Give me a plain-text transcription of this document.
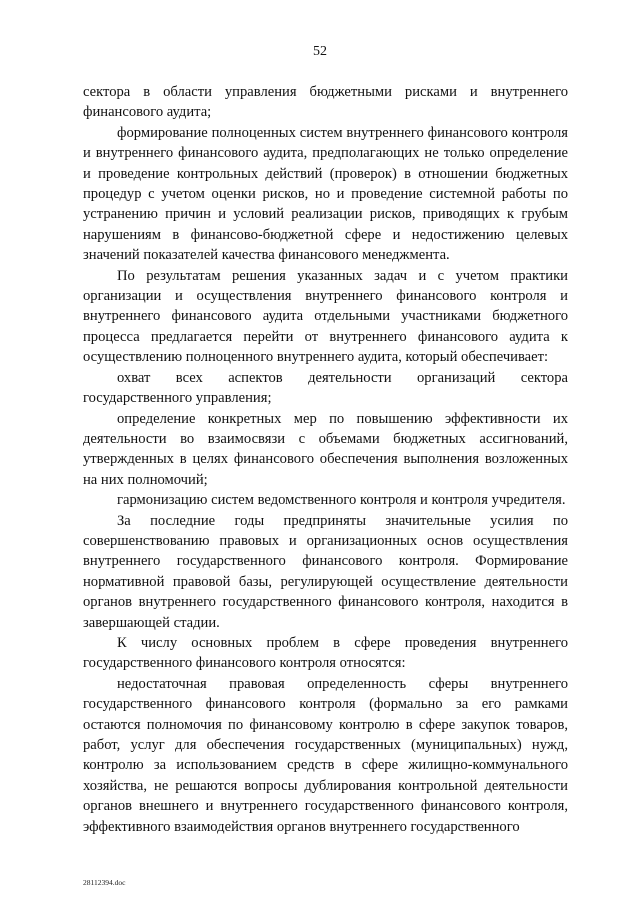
52

сектора в области управления бюджетными рисками и внутреннего финансового аудита;

формирование полноценных систем внутреннего финансового контроля и внутреннего финансового аудита, предполагающих не только определение и проведение контрольных действий (проверок) в отношении бюджетных процедур с учетом оценки рисков, но и проведение системной работы по устранению причин и условий реализации рисков, приводящих к грубым нарушениям в финансово-бюджетной сфере и недостижению целевых значений показателей качества финансового менеджмента.

По результатам решения указанных задач и с учетом практики организации и осуществления внутреннего финансового контроля и внутреннего финансового аудита отдельными участниками бюджетного процесса предлагается перейти от внутреннего финансового аудита к осуществлению полноценного внутреннего аудита, который обеспечивает:

охват всех аспектов деятельности организаций сектора государственного управления;

определение конкретных мер по повышению эффективности их деятельности во взаимосвязи с объемами бюджетных ассигнований, утвержденных в целях финансового обеспечения выполнения возложенных на них полномочий;

гармонизацию систем ведомственного контроля и контроля учредителя.

За последние годы предприняты значительные усилия по совершенствованию правовых и организационных основ осуществления внутреннего государственного финансового контроля. Формирование нормативной правовой базы, регулирующей осуществление деятельности органов внутреннего государственного финансового контроля, находится в завершающей стадии.

К числу основных проблем в сфере проведения внутреннего государственного финансового контроля относятся:

недостаточная правовая определенность сферы внутреннего государственного финансового контроля (формально за его рамками остаются полномочия по финансовому контролю в сфере закупок товаров, работ, услуг для обеспечения государственных (муниципальных) нужд, контролю за использованием средств в сфере жилищно-коммунального хозяйства, не решаются вопросы дублирования контрольной деятельности органов внешнего и внутреннего государственного финансового контроля, эффективного взаимодействия органов внутреннего государственного

28112394.doc
